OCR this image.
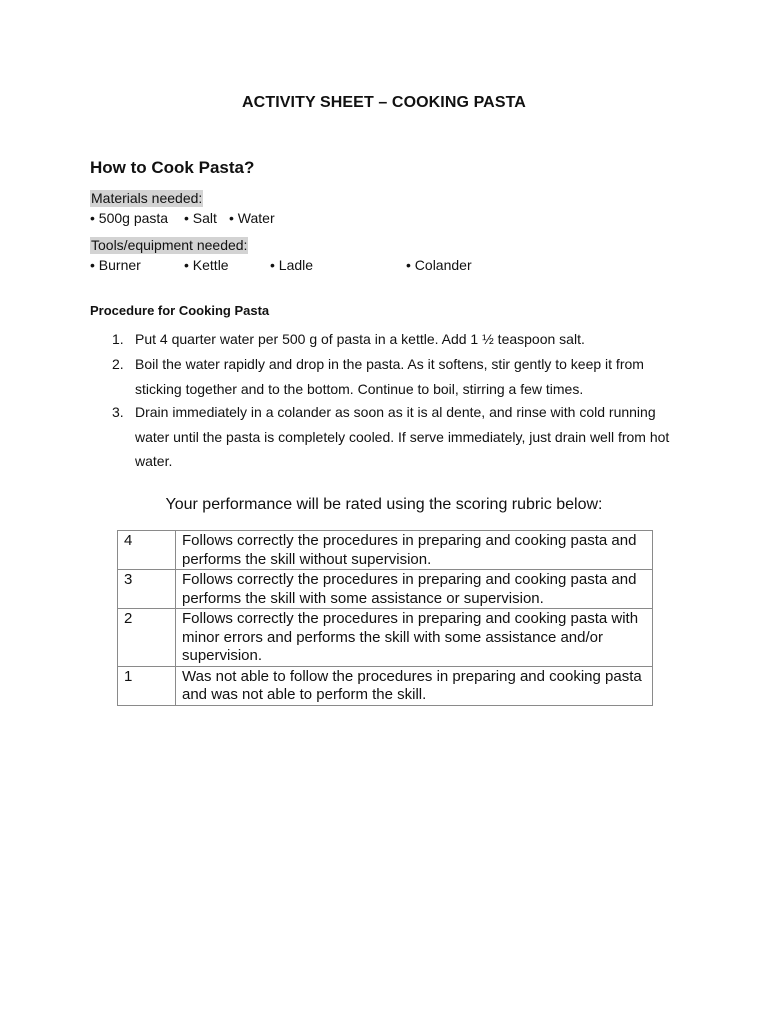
ACTIVITY SHEET – COOKING PASTA
How to Cook Pasta?
Materials needed:
• 500g pasta • Salt • Water
Tools/equipment needed:
• Burner	• Kettle	• Ladle	• Colander
Procedure for Cooking Pasta
1. Put 4 quarter water per 500 g of pasta in a kettle. Add 1 ½ teaspoon salt.
2. Boil the water rapidly and drop in the pasta. As it softens, stir gently to keep it from sticking together and to the bottom. Continue to boil, stirring a few times.
3. Drain immediately in a colander as soon as it is al dente, and rinse with cold running water until the pasta is completely cooled. If serve immediately, just drain well from hot water.
Your performance will be rated using the scoring rubric below:
4	Follows correctly the procedures in preparing and cooking pasta and performs the skill without supervision.
3	Follows correctly the procedures in preparing and cooking pasta and performs the skill with some assistance or supervision.
2	Follows correctly the procedures in preparing and cooking pasta with minor errors and performs the skill with some assistance and/or supervision.
1	Was not able to follow the procedures in preparing and cooking pasta and was not able to perform the skill.
